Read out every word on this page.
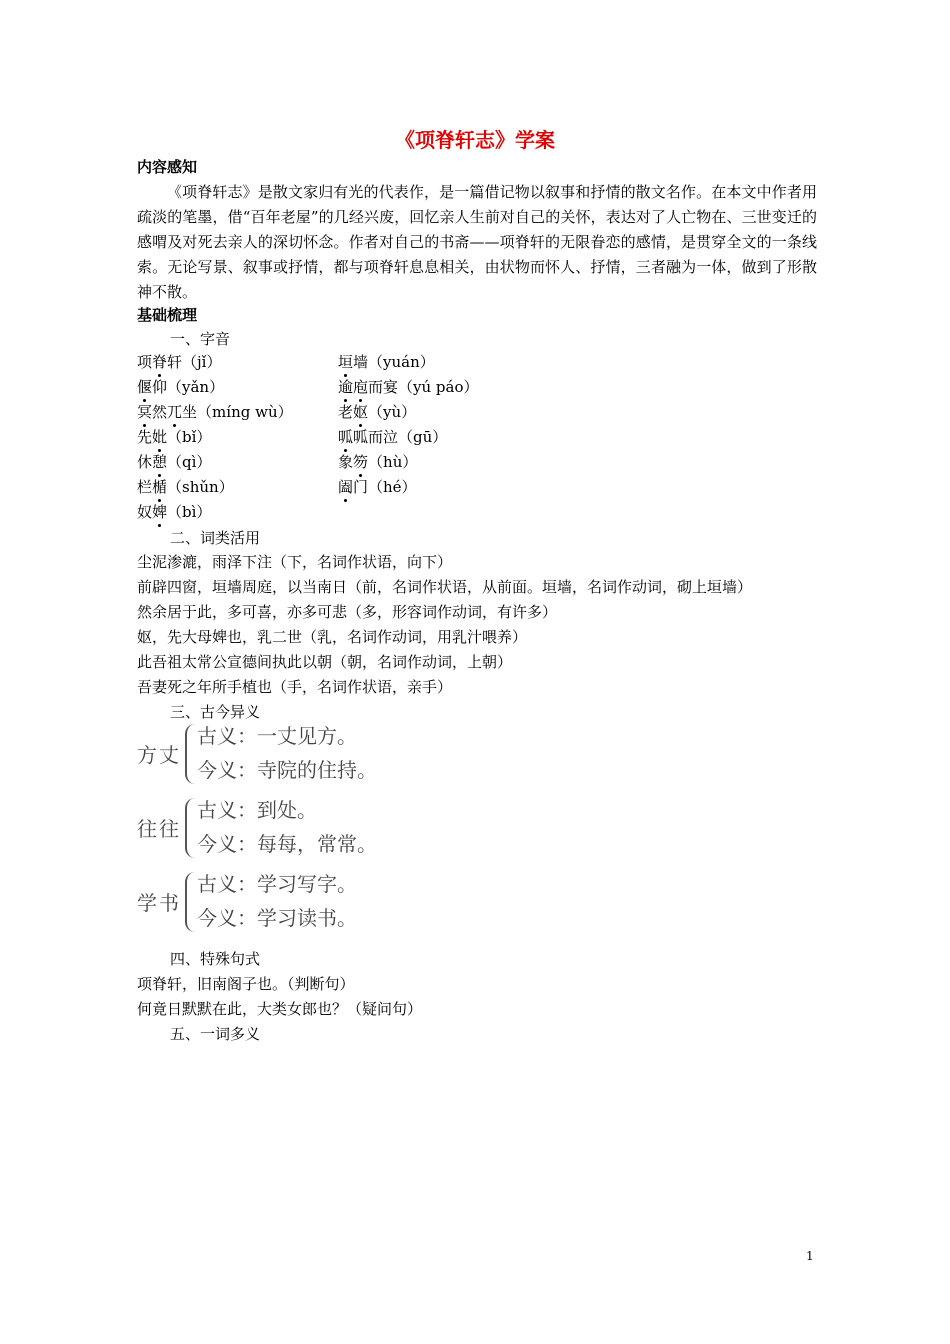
《项脊轩志》学案
内容感知
《项脊轩志》是散文家归有光的代表作，是一篇借记物以叙事和抒情的散文名作。在本文中作者用疏淡的笔墨，借“百年老屋”的几经兴废，回忆亲人生前对自己的关怀，表达对了人亡物在、三世变迁的感喟及对死去亲人的深切怀念。作者对自己的书斋——项脊轩的无限眷恋的感情，是贯穿全文的一条线索。无论写景、叙事或抒情，都与项脊轩息息相关，由状物而怀人、抒情，三者融为一体，做到了形散神不散。
基础梳理
一、字音
项脊轩（jǐ）
偃仰（yǎn）
冥然兀坐（míng wù）
先妣（bǐ）
休憩（qì）
栏楯（shǔn）
奴婢（bì）
垣墙（yuán）
逾庖而宴（yú páo）
老妪（yù）
呱呱而泣（gū）
象笏（hù）
阖门（hé）
二、词类活用
尘泥渗漉，雨泽下注（下，名词作状语，向下）
前辟四窗，垣墙周庭，以当南日（前，名词作状语，从前面。垣墙，名词作动词，砌上垣墙）
然余居于此，多可喜，亦多可悲（多，形容词作动词，有许多）
妪，先大母婢也，乳二世（乳，名词作动词，用乳汁喂养）
此吾祖太常公宣德间执此以朝（朝，名词作动词，上朝）
吾妻死之年所手植也（手，名词作状语，亲手）
三、古今异义
方丈
古义：一丈见方。
今义：寺院的住持。
往往
古义：到处。
今义：每每，常常。
学书
古义：学习写字。
今义：学习读书。
四、特殊句式
项脊轩，旧南阁子也。（判断句）
何竟日默默在此，大类女郎也？（疑问句）
五、一词多义
1
